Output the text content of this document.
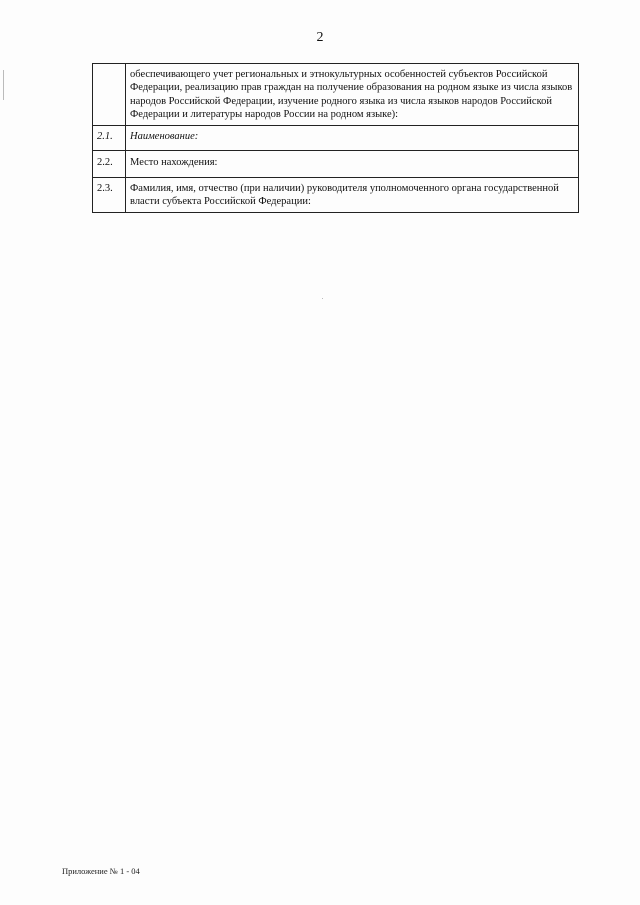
2
	обеспечивающего учет региональных и этнокультурных особенностей субъектов Российской Федерации, реализацию прав граждан на получение образования на родном языке из числа языков народов Российской Федерации, изучение родного языка из числа языков народов Российской Федерации и литературы народов России на родном языке):
2.1.	Наименование:
2.2.	Место нахождения:
2.3.	Фамилия, имя, отчество (при наличии) руководителя уполномоченного органа государственной власти субъекта Российской Федерации:
Приложение № 1 - 04
